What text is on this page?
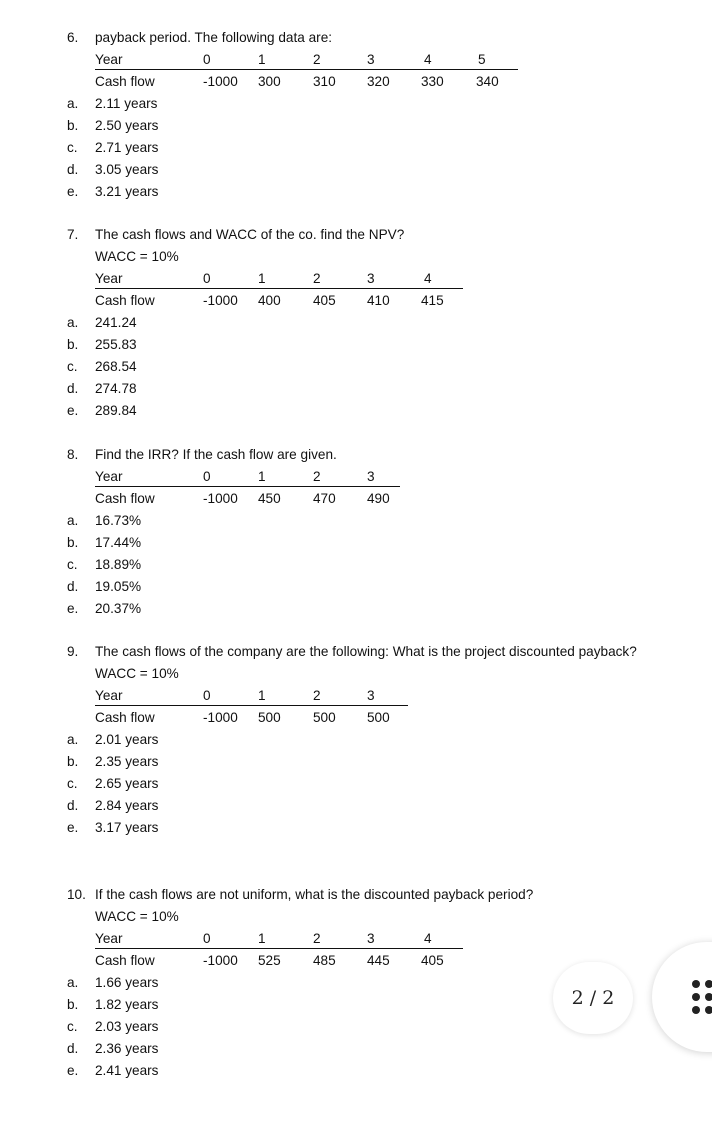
6. payback period. The following data are:
Year	0	1	2	3	4	5
Cash flow	-1000 300 310 320 330 340
a. 2.11 years
b. 2.50 years
c. 2.71 years
d. 3.05 years
e. 3.21 years
7. The cash flows and WACC of the co. find the NPV?
WACC = 10%
Year	0	1	2	3	4
Cash flow	-1000 400 405 410 415
a. 241.24
b. 255.83
c. 268.54
d. 274.78
e. 289.84
8. Find the IRR? If the cash flow are given.
Year	0	1	2	3
Cash flow	-1000 450 470 490
a. 16.73%
b. 17.44%
c. 18.89%
d. 19.05%
e. 20.37%
9. The cash flows of the company are the following: What is the project discounted payback?
WACC = 10%
Year	0	1	2	3
Cash flow	-1000 500 500 500
a. 2.01 years
b. 2.35 years
c. 2.65 years
d. 2.84 years
e. 3.17 years
10. If the cash flows are not uniform, what is the discounted payback period?
WACC = 10%
Year	0	1	2	3	4
Cash flow	-1000 525 485 445 405
a. 1.66 years
b. 1.82 years
c. 2.03 years
d. 2.36 years
e. 2.41 years
2 / 2
